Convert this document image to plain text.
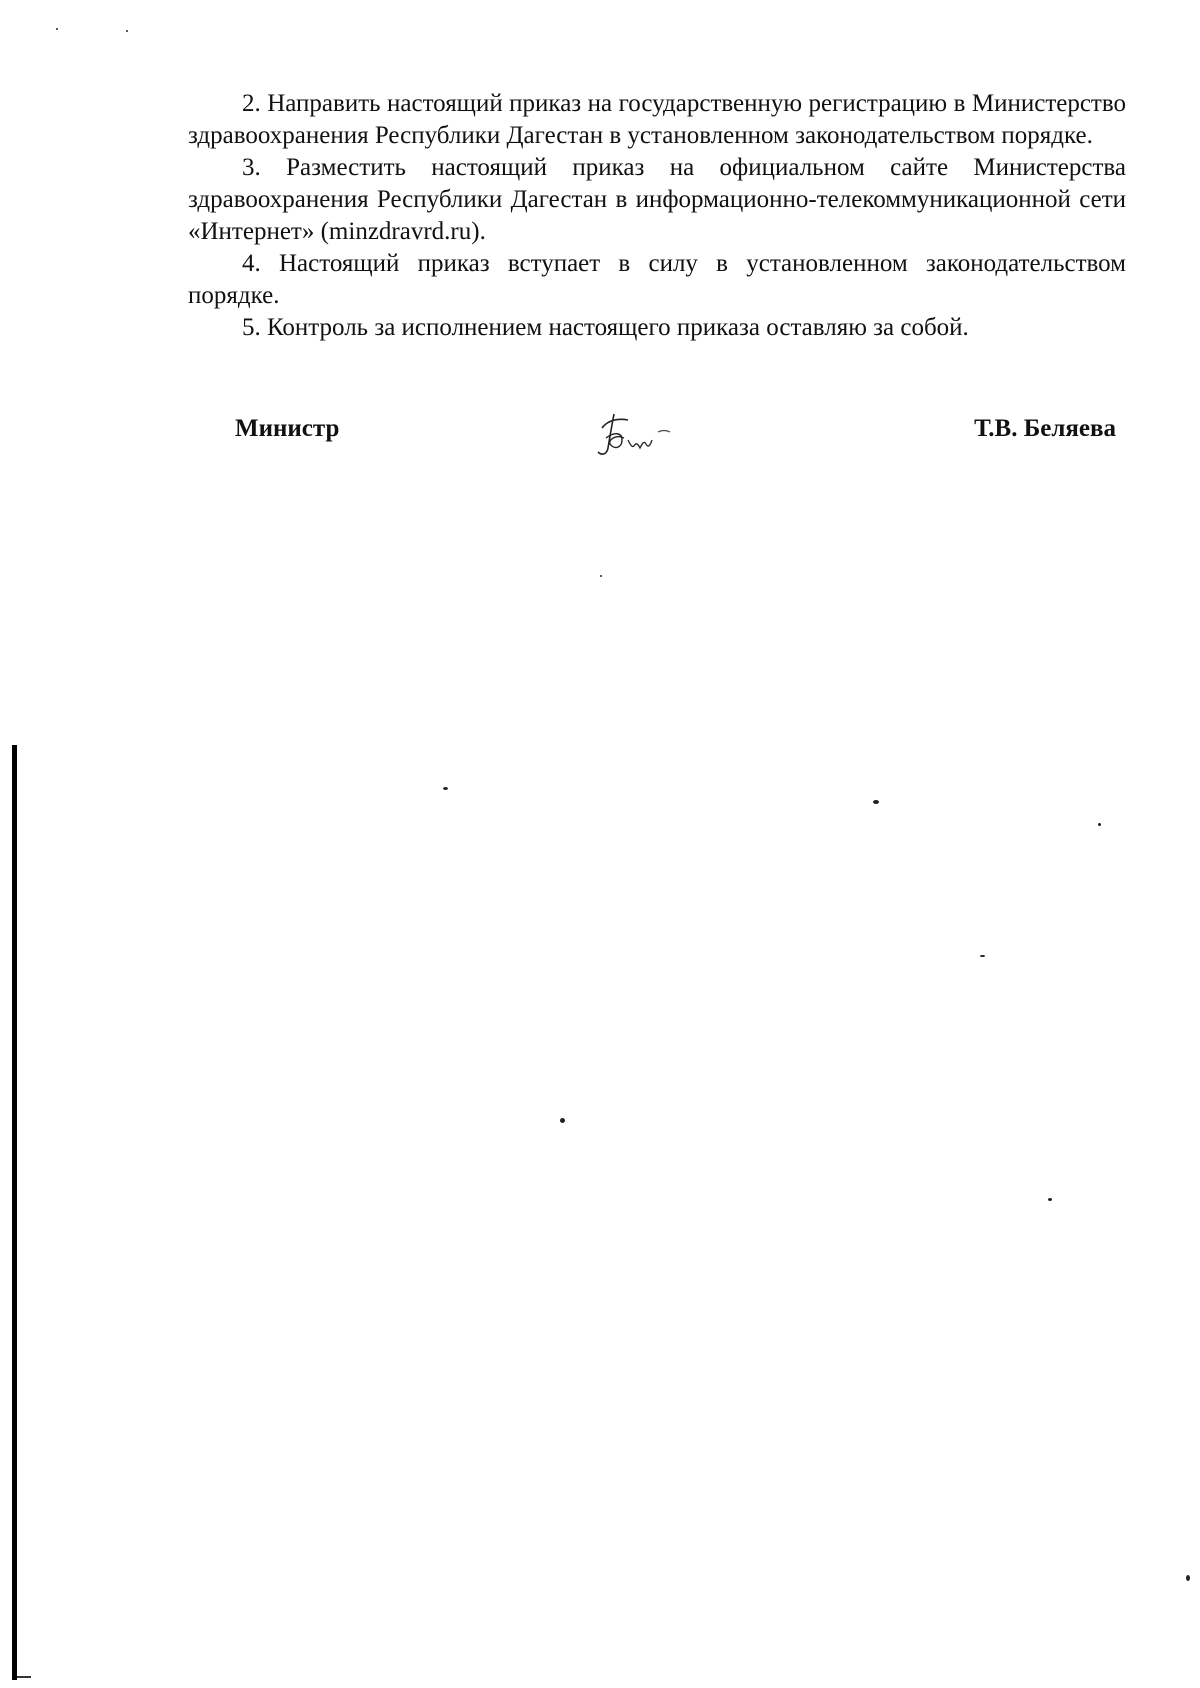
2. Направить настоящий приказ на государственную регистрацию в Министерство здравоохранения Республики Дагестан в установленном законодательством порядке.

3. Разместить настоящий приказ на официальном сайте Министерства здравоохранения Республики Дагестан в информационно-телекоммуникационной сети «Интернет» (minzdravrd.ru).

4. Настоящий приказ вступает в силу в установленном законодательством порядке.

5. Контроль за исполнением настоящего приказа оставляю за собой.

Министр	Т.В. Беляева
